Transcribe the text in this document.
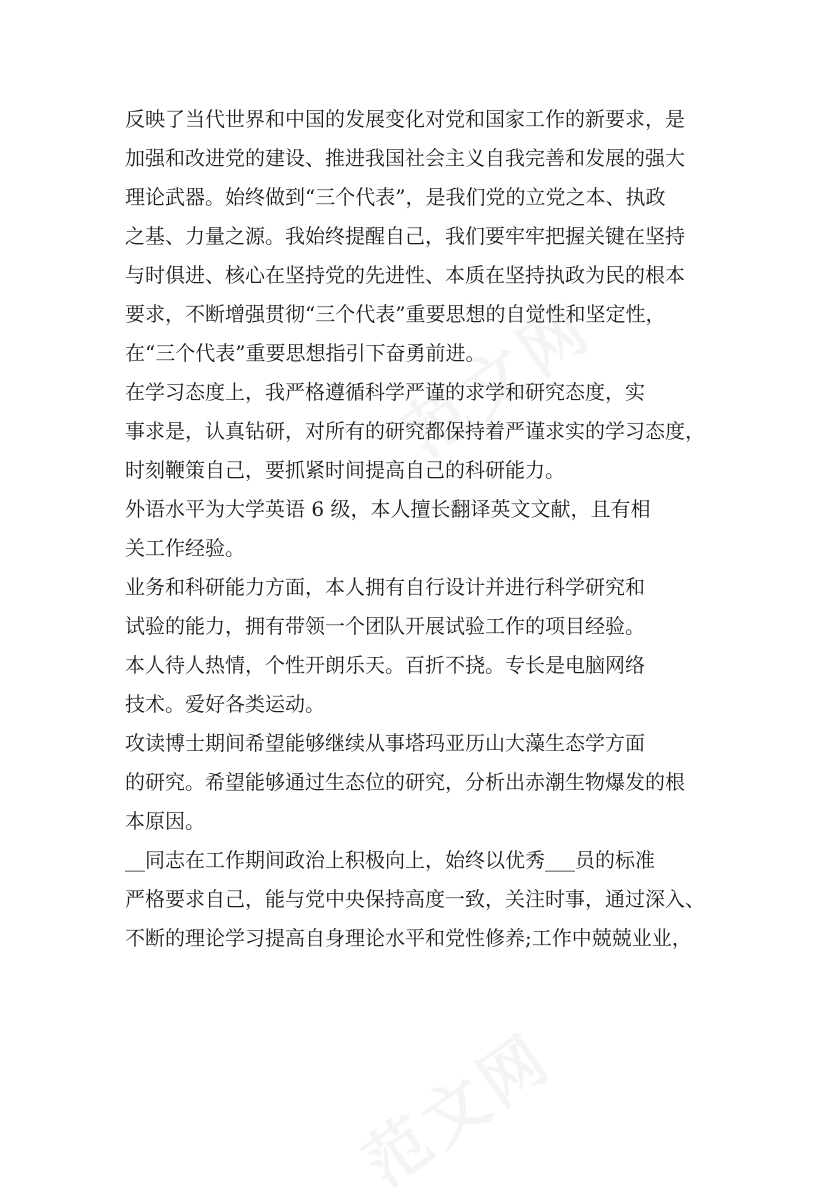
反映了当代世界和中国的发展变化对党和国家工作的新要求，是
加强和改进党的建设、推进我国社会主义自我完善和发展的强大
理论武器。始终做到“三个代表”，是我们党的立党之本、执政
之基、力量之源。我始终提醒自己，我们要牢牢把握关键在坚持
与时俱进、核心在坚持党的先进性、本质在坚持执政为民的根本
要求，不断增强贯彻“三个代表”重要思想的自觉性和坚定性，
在“三个代表”重要思想指引下奋勇前进。
在学习态度上，我严格遵循科学严谨的求学和研究态度，实
事求是，认真钻研，对所有的研究都保持着严谨求实的学习态度，
时刻鞭策自己，要抓紧时间提高自己的科研能力。
外语水平为大学英语 6 级，本人擅长翻译英文文献，且有相
关工作经验。
业务和科研能力方面，本人拥有自行设计并进行科学研究和
试验的能力，拥有带领一个团队开展试验工作的项目经验。
本人待人热情，个性开朗乐天。百折不挠。专长是电脑网络
技术。爱好各类运动。
攻读博士期间希望能够继续从事塔玛亚历山大藻生态学方面
的研究。希望能够通过生态位的研究，分析出赤潮生物爆发的根
本原因。
__同志在工作期间政治上积极向上，始终以优秀___员的标准
严格要求自己，能与党中央保持高度一致，关注时事，通过深入、
不断的理论学习提高自身理论水平和党性修养;工作中兢兢业业，
